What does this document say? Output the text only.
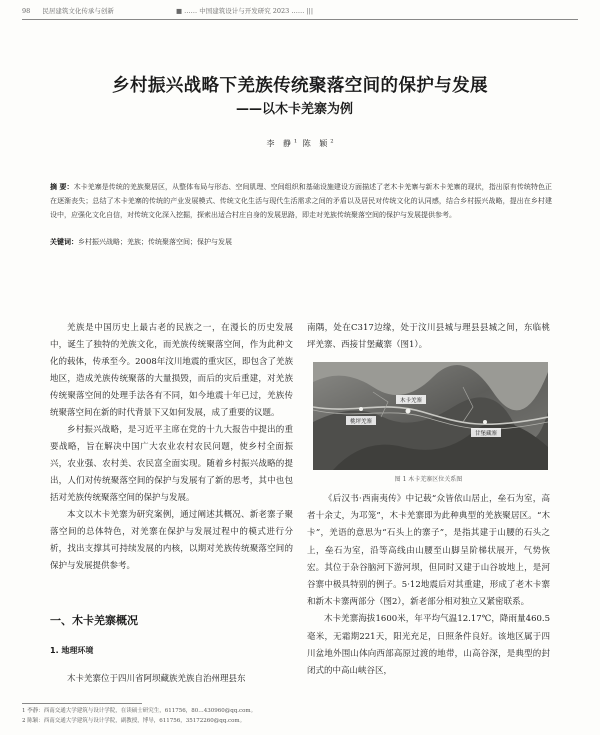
98 民居建筑文化传承与创新	■ …… 中国建筑设计与开发研究 2023 …… |||
乡村振兴战略下羌族传统聚落空间的保护与发展
——以木卡羌寨为例
李 静$^1$ 陈 颖$^2$
摘 要：木卡羌寨是传统的羌族聚居区，从整体布局与形态、空间肌理、空间组织和基础设施建设方面描述了老木卡羌寨与新木卡羌寨的现状，指出原有传统特色正在逐渐丧失；总结了木卡羌寨的传统的产业发展模式、传统文化生活与现代生活需求之间的矛盾以及居民对传统文化的认同感，结合乡村振兴战略，提出在乡村建设中，应强化文化自信，对传统文化深入挖掘，探索出适合村庄自身的发展思路，即走对羌族传统聚落空间的保护与发展提供参考。
关键词：乡村振兴战略；羌族；传统聚落空间；保护与发展

羌族是中国历史上最古老的民族之一，在漫长的历史发展中，诞生了独特的羌族文化，而羌族传统聚落空间，作为此种文化的载体，传承至今。2008年汶川地震的重灾区，即包含了羌族地区，造成羌族传统聚落的大量损毁，而后的灾后重建，对羌族传统聚落空间的处理手法各有不同，如今地震十年已过，羌族传统聚落空间在新的时代背景下又如何发展，成了重要的议题。

乡村振兴战略，是习近平主席在党的十九大报告中提出的重要战略，旨在解决中国广大农业农村农民问题，使乡村全面振兴，农业强、农村美、农民富全面实现。随着乡村振兴战略的提出，人们对传统聚落空间的保护与发展有了新的思考，其中也包括对羌族传统聚落空间的保护与发展。

本文以木卡羌寨为研究案例，通过阐述其概况、新老寨子聚落空间的总体特色，对羌寨在保护与发展过程中的模式进行分析，找出支撑其可持续发展的内核，以期对羌族传统聚落空间的保护与发展提供参考。

一、木卡羌寨概况
1. 地理环境
木卡羌寨位于四川省阿坝藏族羌族自治州理县东

南隅，处在C317边缘，处于汶川县城与理县县城之间，东临桃坪羌寨、西接甘堡藏寨（图1）。

木卡羌寨
桃坪羌寨
甘堡藏寨
图 1 木卡羌寨区位关系图

《后汉书·西南夷传》中记载“众皆依山居止，垒石为室，高者十余丈，为邛笼”，木卡羌寨即为此种典型的羌族聚居区。“木卡”，羌语的意思为“石头上的寨子”，是指其建于山腰的石头之上，垒石为室，沿等高线由山腰至山脚呈阶梯状展开，气势恢宏。其位于杂谷脑河下游河坝，但同时又建于山谷坡地上，是河谷寨中极具特别的例子。5·12地震后对其重建，形成了老木卡寨和新木卡寨两部分（图2），新老部分相对独立又紧密联系。

木卡羌寨海拔1600米，年平均气温12.17℃，降雨量460.5毫米，无霜期221天，阳光充足，日照条件良好。该地区属于四川盆地外围山体向西部高原过渡的地带，山高谷深，是典型的封闭式的中高山峡谷区，

1 李静：西南交通大学建筑与设计学院，在读硕士研究生，611756，80…430960@qq.com。
2 陈颖：西南交通大学建筑与设计学院，副教授，博导，611756，35172260@qq.com。
